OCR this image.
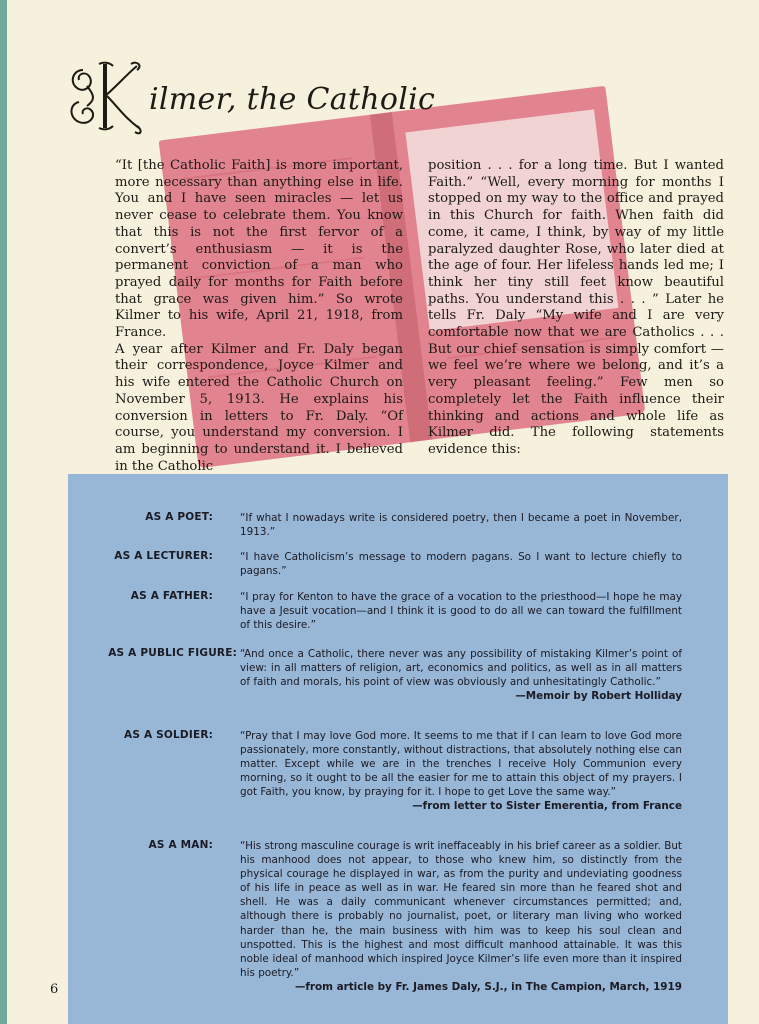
ilmer, the Catholic

“It [the Catholic Faith] is more important, more necessary than anything else in life. You and I have seen miracles — let us never cease to celebrate them. You know that this is not the first fervor of a convert’s enthusiasm — it is the permanent conviction of a man who prayed daily for months for Faith before that grace was given him.” So wrote Kilmer to his wife, April 21, 1918, from France.

A year after Kilmer and Fr. Daly began their correspondence, Joyce Kilmer and his wife entered the Catholic Church on November 5, 1913. He explains his conversion in letters to Fr. Daly. “Of course, you understand my conversion. I am beginning to understand it. I believed in the Catholic

position . . . for a long time. But I wanted Faith.” “Well, every morning for months I stopped on my way to the office and prayed in this Church for faith. When faith did come, it came, I think, by way of my little paralyzed daughter Rose, who later died at the age of four. Her lifeless hands led me; I think her tiny still feet know beautiful paths. You understand this . . . ” Later he tells Fr. Daly “My wife and I are very comfortable now that we are Catholics . . . But our chief sensation is simply comfort — we feel we’re where we belong, and it’s a very pleasant feeling.” Few men so completely let the Faith influence their thinking and actions and whole life as Kilmer did. The following statements evidence this:

AS A POET:	“If what I nowadays write is considered poetry, then I became a poet in November, 1913.”

AS A LECTURER:	“I have Catholicism’s message to modern pagans. So I want to lecture chiefly to pagans.”

AS A FATHER:	“I pray for Kenton to have the grace of a vocation to the priesthood—I hope he may have a Jesuit vocation—and I think it is good to do all we can toward the fulfillment of this desire.”

AS A PUBLIC FIGURE: “And once a Catholic, there never was any possibility of mistaking Kilmer’s point of view: in all matters of religion, art, economics and politics, as well as in all matters of faith and morals, his point of view was obviously and unhesitatingly Catholic.”

—Memoir by Robert Holliday

AS A SOLDIER:	“Pray that I may love God more. It seems to me that if I can learn to love God more passionately, more constantly, without distractions, that absolutely nothing else can matter. Except while we are in the trenches I receive Holy Communion every morning, so it ought to be all the easier for me to attain this object of my prayers. I got Faith, you know, by praying for it. I hope to get Love the same way.”

—from letter to Sister Emerentia, from France

AS A MAN:	“His strong masculine courage is writ ineffaceably in his brief career as a soldier. But his manhood does not appear, to those who knew him, so distinctly from the physical courage he displayed in war, as from the purity and undeviating goodness of his life in peace as well as in war. He feared sin more than he feared shot and shell. He was a daily communicant whenever circumstances permitted; and, although there is probably no journalist, poet, or literary man living who worked harder than he, the main business with him was to keep his soul clean and unspotted. This is the highest and most difficult manhood attainable. It was this noble ideal of manhood which inspired Joyce Kilmer’s life even more than it inspired his poetry.”

—from article by Fr. James Daly, S.J., in The Campion, March, 1919

6
